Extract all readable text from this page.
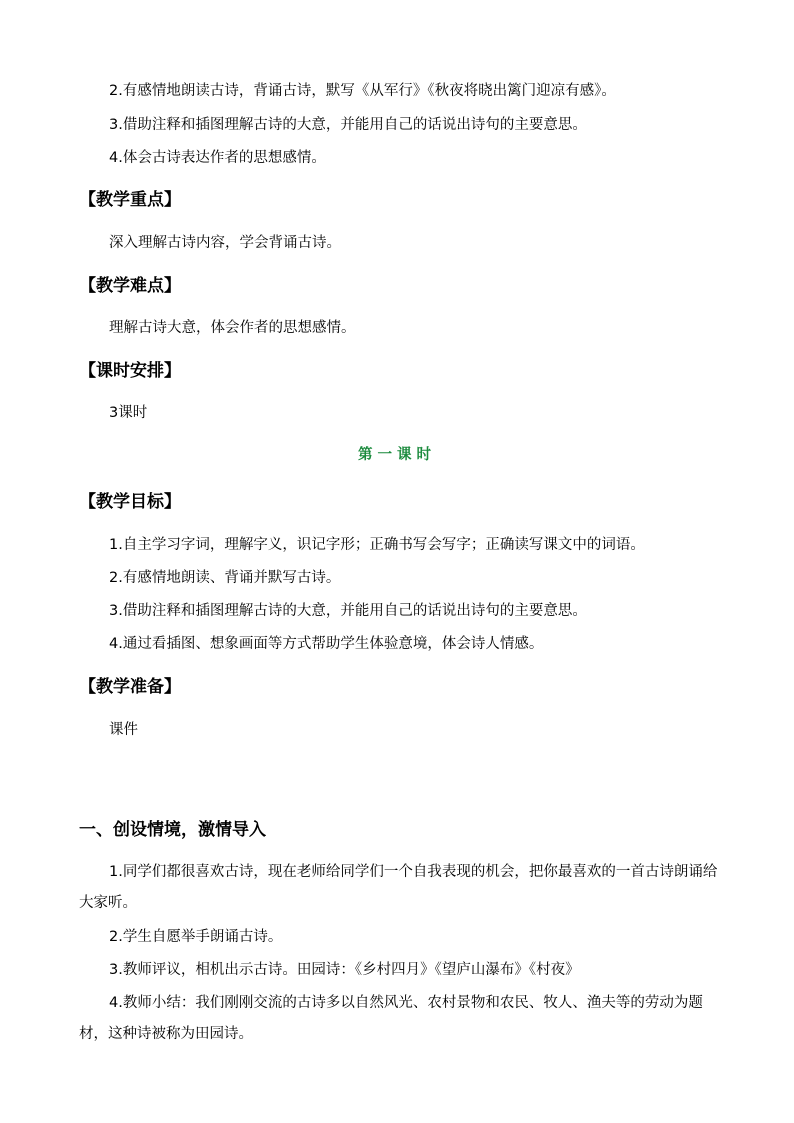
2.有感情地朗读古诗，背诵古诗，默写《从军行》《秋夜将晓出篱门迎凉有感》。
3.借助注释和插图理解古诗的大意，并能用自己的话说出诗句的主要意思。
4.体会古诗表达作者的思想感情。
【教学重点】
深入理解古诗内容，学会背诵古诗。
【教学难点】
理解古诗大意，体会作者的思想感情。
【课时安排】
3课时
第一课时
【教学目标】
1.自主学习字词，理解字义，识记字形；正确书写会写字；正确读写课文中的词语。
2.有感情地朗读、背诵并默写古诗。
3.借助注释和插图理解古诗的大意，并能用自己的话说出诗句的主要意思。
4.通过看插图、想象画面等方式帮助学生体验意境，体会诗人情感。
【教学准备】
课件
一、创设情境，激情导入
1.同学们都很喜欢古诗，现在老师给同学们一个自我表现的机会，把你最喜欢的一首古诗朗诵给大家听。
2.学生自愿举手朗诵古诗。
3.教师评议，相机出示古诗。田园诗：《乡村四月》《望庐山瀑布》《村夜》
4.教师小结：我们刚刚交流的古诗多以自然风光、农村景物和农民、牧人、渔夫等的劳动为题材，这种诗被称为田园诗。
